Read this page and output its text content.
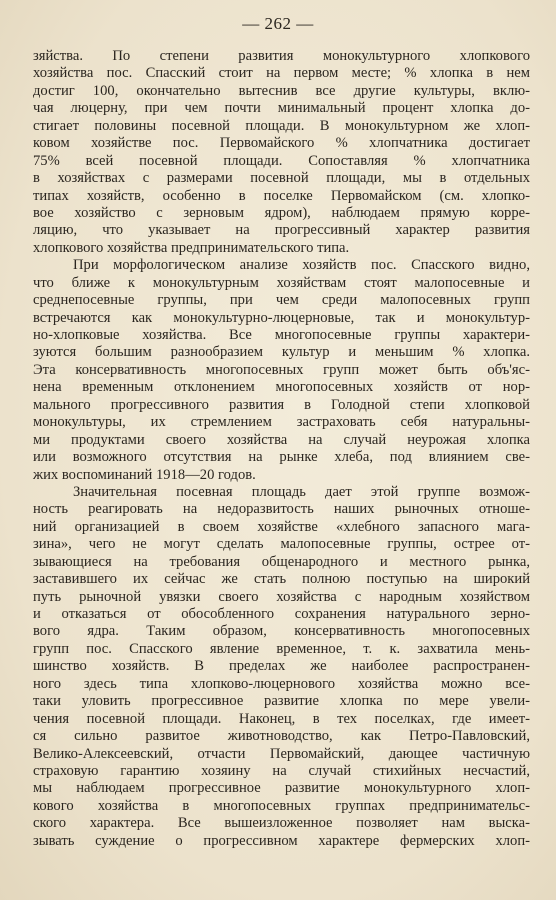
— 262 —
зяйства. По степени развития монокультурного хлопкового
хозяйства пос. Спасский стоит на первом месте; % хлопка в нем
достиг 100, окончательно вытеснив все другие культуры, вклю-
чая люцерну, при чем почти минимальный процент хлопка до-
стигает половины посевной площади. В монокультурном же хлоп-
ковом хозяйстве пос. Первомайского % хлопчатника достигает
75% всей посевной площади. Сопоставляя % хлопчатника
в хозяйствах с размерами посевной площади, мы в отдельных
типах хозяйств, особенно в поселке Первомайском (см. хлопко-
вое хозяйство с зерновым ядром), наблюдаем прямую корре-
ляцию, что указывает на прогрессивный характер развития
хлопкового хозяйства предпринимательского типа.
При морфологическом анализе хозяйств пос. Спасского видно,
что ближе к монокультурным хозяйствам стоят малопосевные и
среднепосевные группы, при чем среди малопосевных групп
встречаются как монокультурно-люцерновые, так и монокультур-
но-хлопковые хозяйства. Все многопосевные группы характери-
зуются большим разнообразием культур и меньшим % хлопка.
Эта консервативность многопосевных групп может быть объ'яс-
нена временным отклонением многопосевных хозяйств от нор-
мального прогрессивного развития в Голодной степи хлопковой
монокультуры, их стремлением застраховать себя натуральны-
ми продуктами своего хозяйства на случай неурожая хлопка
или возможного отсутствия на рынке хлеба, под влиянием све-
жих воспоминаний 1918—20 годов.
Значительная посевная площадь дает этой группе возмож-
ность реагировать на недоразвитость наших рыночных отноше-
ний организацией в своем хозяйстве «хлебного запасного мага-
зина», чего не могут сделать малопосевные группы, острее от-
зывающиеся на требования общенародного и местного рынка,
заставившего их сейчас же стать полною поступью на широкий
путь рыночной увязки своего хозяйства с народным хозяйством
и отказаться от обособленного сохранения натурального зерно-
вого ядра. Таким образом, консервативность многопосевных
групп пос. Спасского явление временное, т. к. захватила мень-
шинство хозяйств. В пределах же наиболее распространен-
ного здесь типа хлопково-люцернового хозяйства можно все-
таки уловить прогрессивное развитие хлопка по мере увели-
чения посевной площади. Наконец, в тех поселках, где имеет-
ся сильно развитое животноводство, как Петро-Павловский,
Велико-Алексеевский, отчасти Первомайский, дающее частичную
страховую гарантию хозяину на случай стихийных несчастий,
мы наблюдаем прогрессивное развитие монокультурного хлоп-
кового хозяйства в многопосевных группах предпринимательс-
ского характера. Все вышеизложенное позволяет нам выска-
зывать суждение о прогрессивном характере фермерских хлоп-
